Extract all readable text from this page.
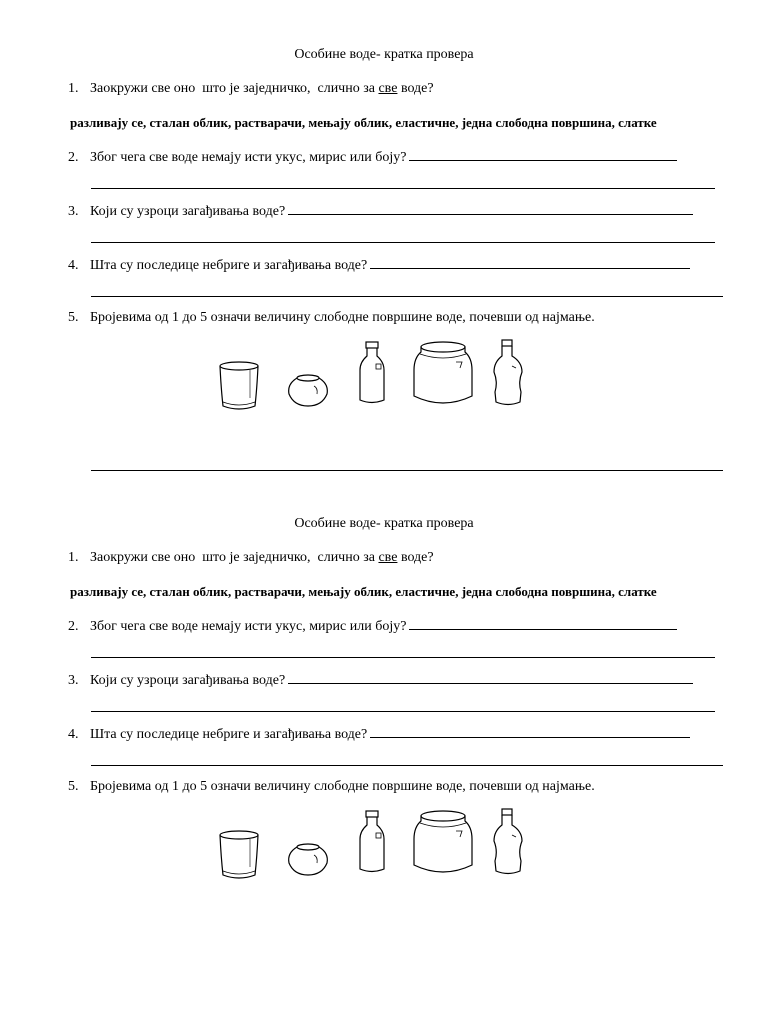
Особине воде- кратка провера
1. Заокружи све оно  што је заједничко,  слично за све воде?
разливају се, сталан облик, растварачи, мењају облик, еластичне, једна слободна површина, слатке
2. Због чега све воде немају исти укус, мирис или боју?
3. Који су узроци загађивања воде?
4. Шта су последице небриге и загађивања воде?
5. Бројевима од 1 до 5 означи величину слободне површине воде, почевши од најмање.
Особине воде- кратка провера
1. Заокружи све оно  што је заједничко,  слично за све воде?
разливају се, сталан облик, растварачи, мењају облик, еластичне, једна слободна површина, слатке
2. Због чега све воде немају исти укус, мирис или боју?
3. Који су узроци загађивања воде?
4. Шта су последице небриге и загађивања воде?
5. Бројевима од 1 до 5 означи величину слободне површине воде, почевши од најмање.
